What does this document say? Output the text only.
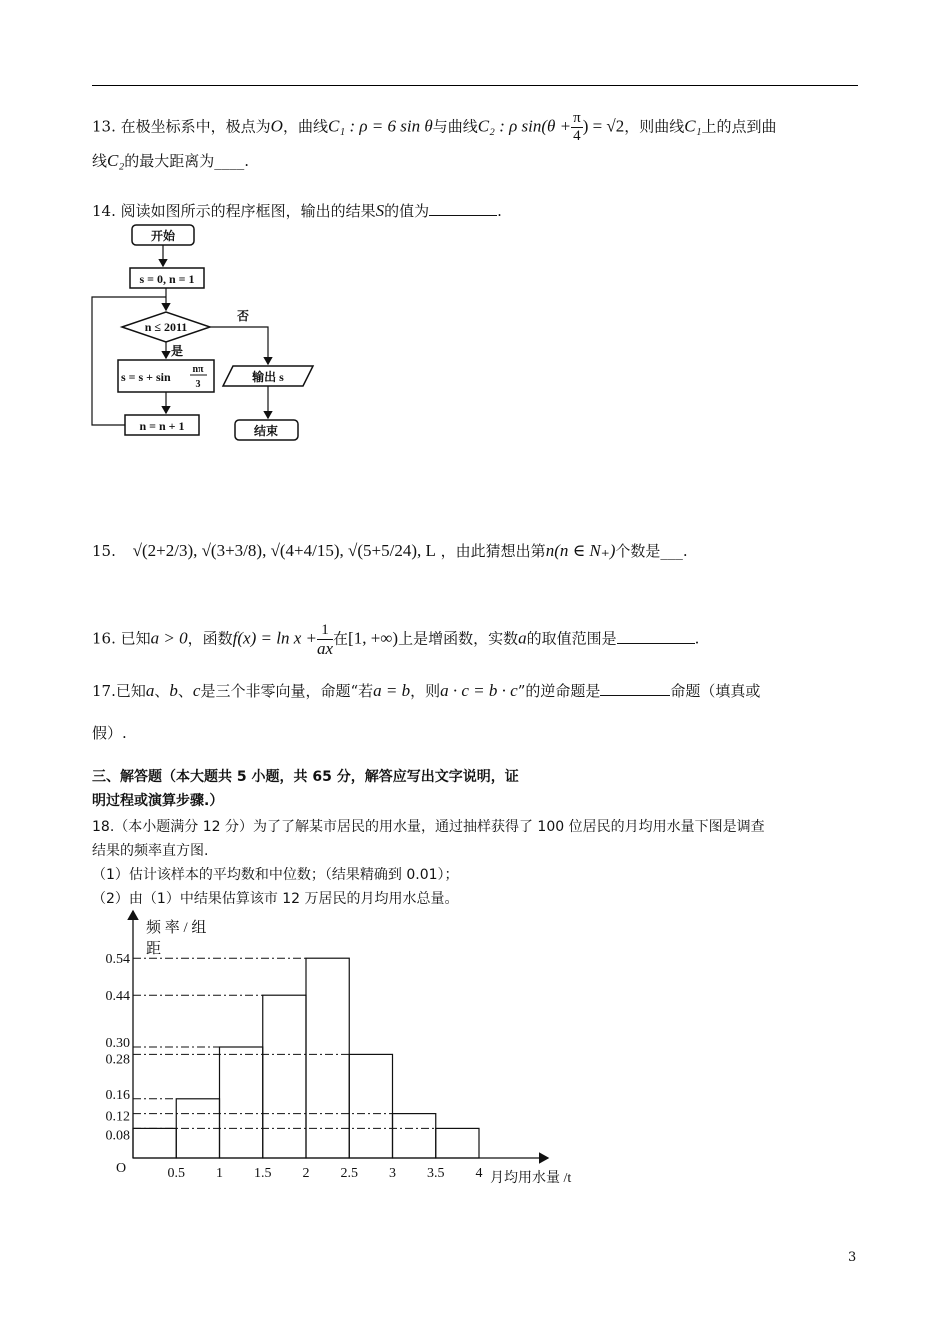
13. 在极坐标系中，极点为O，曲线C₁ : ρ = 6 sin θ与曲线C₂ : ρ $\sin(\theta + \frac{\pi}{4}$ ) = √2，则曲线C₁上的点到曲
线C₂的最大距离为____.
14. 阅读如图所示的程序框图，输出的结果S的值为	.
开始
s = 0, n = 1
n ≤ 2011
否
是
s = s + sin
nπ
3
n = n + 1
输出 s
结束
15. √(2+2/3), √(3+3/8), √(4+4/15), √(5+5/24), L ，由此猜想出第n(n ∈ N₊)个数是___.
16. 已知a > 0，函数$f(x) = \ln x + \frac{1}{ax}$ 在[1, +∞)上是增函数，实数a的取值范围是	.
17.已知a、b、c是三个非零向量，命题“若a = b，则a · c = b · c”的逆命题是	命题（填真或
假）.
三、解答题（本大题共 5 小题，共 65 分，解答应写出文字说明，证
明过程或演算步骤.）
18.（本小题满分 12 分）为了了解某市居民的用水量，通过抽样获得了 100 位居民的月均用水量下图是调查
结果的频率直方图.
（1）估计该样本的平均数和中位数；（结果精确到 0.01）；
（2）由（1）中结果估算该市 12 万居民的月均用水总量。
0.54
0.44
0.30
0.28
0.16
0.12
0.08
0.5 1 1.5 2 2.5 3 3.5 4
O
频 率 / 组
距
月均用水量 /t
3
